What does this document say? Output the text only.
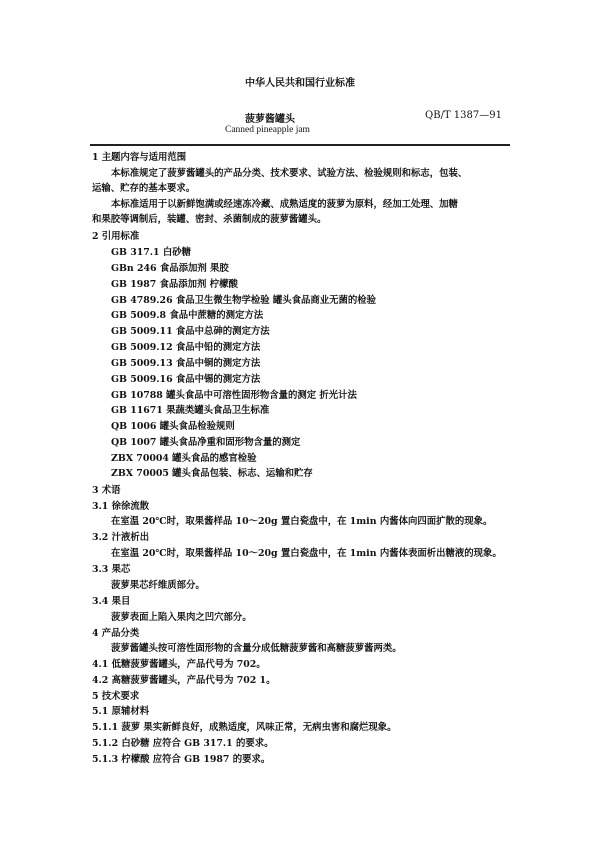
中华人民共和国行业标准
菠萝酱罐头	QB/T 1387—91
Canned pineapple jam
1 主题内容与适用范围
本标准规定了菠萝酱罐头的产品分类、技术要求、试验方法、检验规则和标志，包装、
运输、贮存的基本要求。
本标准适用于以新鲜饱满或经速冻冷藏、成熟适度的菠萝为原料，经加工处理、加糖
和果胶等调制后，装罐、密封、杀菌制成的菠萝酱罐头。
2 引用标准
GB 317.1 白砂糖
GBn 246 食品添加剂 果胶
GB 1987 食品添加剂 柠檬酸
GB 4789.26 食品卫生微生物学检验 罐头食品商业无菌的检验
GB 5009.8 食品中蔗糖的测定方法
GB 5009.11 食品中总砷的测定方法
GB 5009.12 食品中铅的测定方法
GB 5009.13 食品中铜的测定方法
GB 5009.16 食品中锡的测定方法
GB 10788 罐头食品中可溶性固形物含量的测定 折光计法
GB 11671 果蔬类罐头食品卫生标准
QB 1006 罐头食品检验规则
QB 1007 罐头食品净重和固形物含量的测定
ZBX 70004 罐头食品的感官检验
ZBX 70005 罐头食品包装、标志、运输和贮存
3 术语
3.1 徐徐流散
在室温 20℃时，取果酱样品 10～20g 置白瓷盘中，在 1min 内酱体向四面扩散的现象。
3.2 汁液析出
在室温 20℃时，取果酱样品 10～20g 置白瓷盘中，在 1min 内酱体表面析出糖液的现象。
3.3 果芯
菠萝果芯纤维质部分。
3.4 果目
菠萝表面上陷入果肉之凹穴部分。
4 产品分类
菠萝酱罐头按可溶性固形物的含量分成低糖菠萝酱和高糖菠萝酱两类。
4.1 低糖菠萝酱罐头，产品代号为 702。
4.2 高糖菠萝酱罐头，产品代号为 702 1。
5 技术要求
5.1 原辅材料
5.1.1 菠萝 果实新鲜良好，成熟适度，风味正常，无病虫害和腐烂现象。
5.1.2 白砂糖 应符合 GB 317.1 的要求。
5.1.3 柠檬酸 应符合 GB 1987 的要求。
